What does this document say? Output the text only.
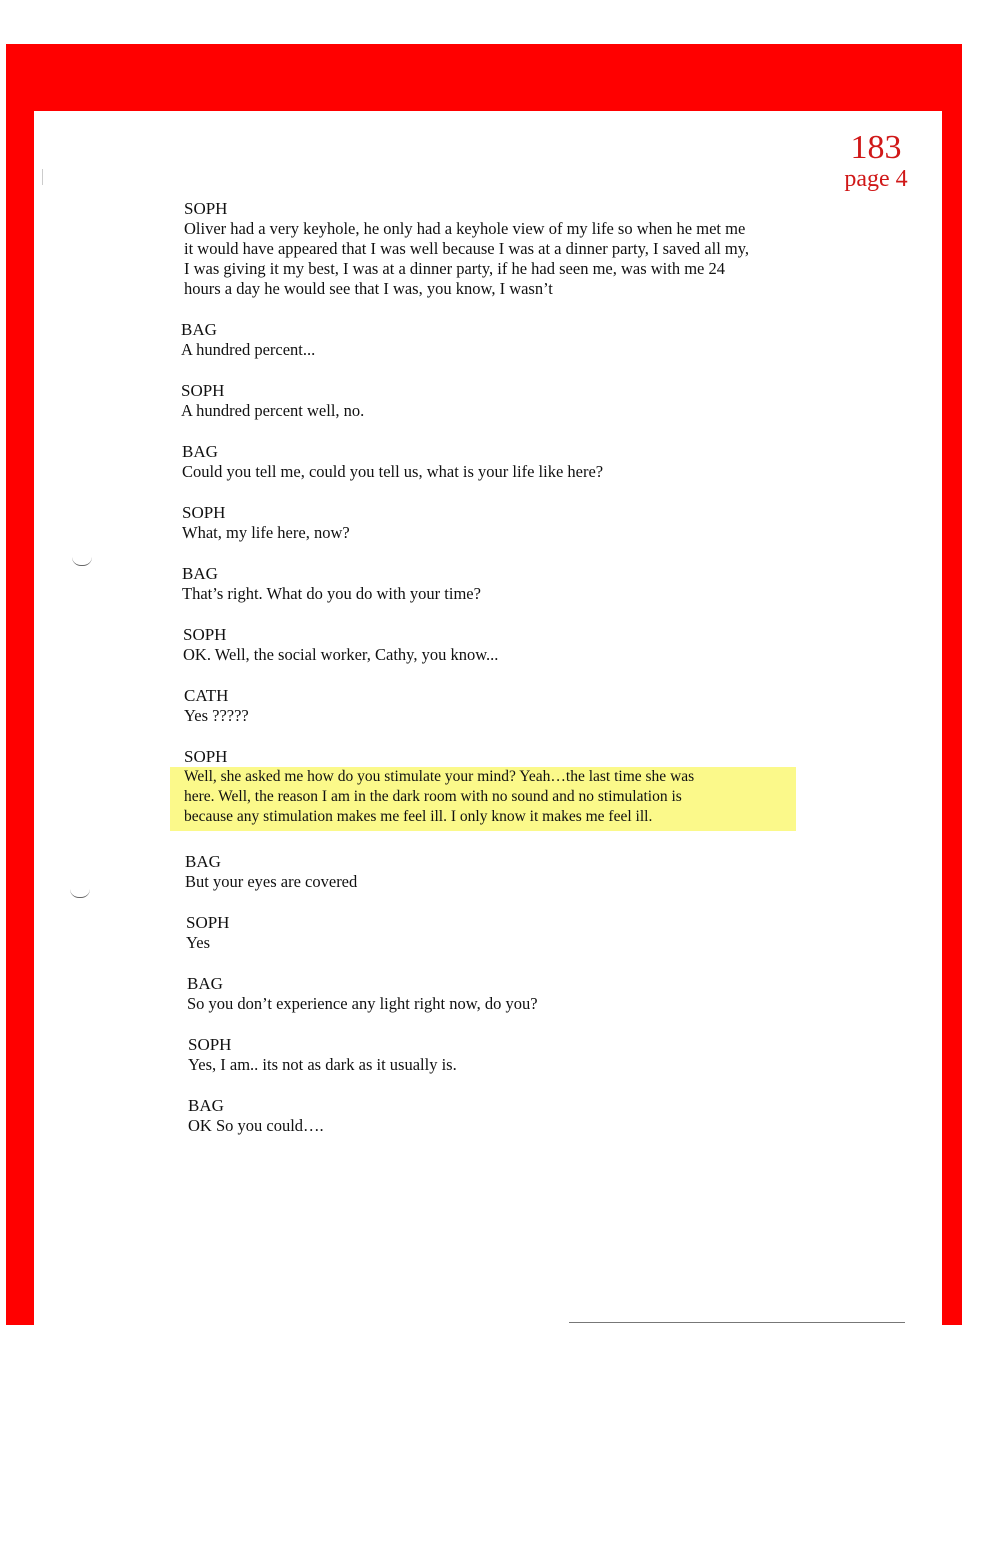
183
page 4
SOPH
Oliver had a very keyhole, he only had a keyhole view of my life so when he met me
it would have appeared that I was well because I was at a dinner party, I saved all my,
I was giving it my best, I was at a dinner party, if he had seen me, was with me 24
hours a day he would see that I was, you know, I wasn’t
BAG
A hundred percent...
SOPH
A hundred percent well, no.
BAG
Could you tell me, could you tell us, what is your life like here?
SOPH
What, my life here, now?
BAG
That’s right. What do you do with your time?
SOPH
OK. Well, the social worker, Cathy, you know...
CATH
Yes ?????
SOPH
Well, she asked me how do you stimulate your mind? Yeah…the last time she was
here. Well, the reason I am in the dark room with no sound and no stimulation is
because any stimulation makes me feel ill. I only know it makes me feel ill.
BAG
But your eyes are covered
SOPH
Yes
BAG
So you don’t experience any light right now, do you?
SOPH
Yes, I am.. its not as dark as it usually is.
BAG
OK So you could….
